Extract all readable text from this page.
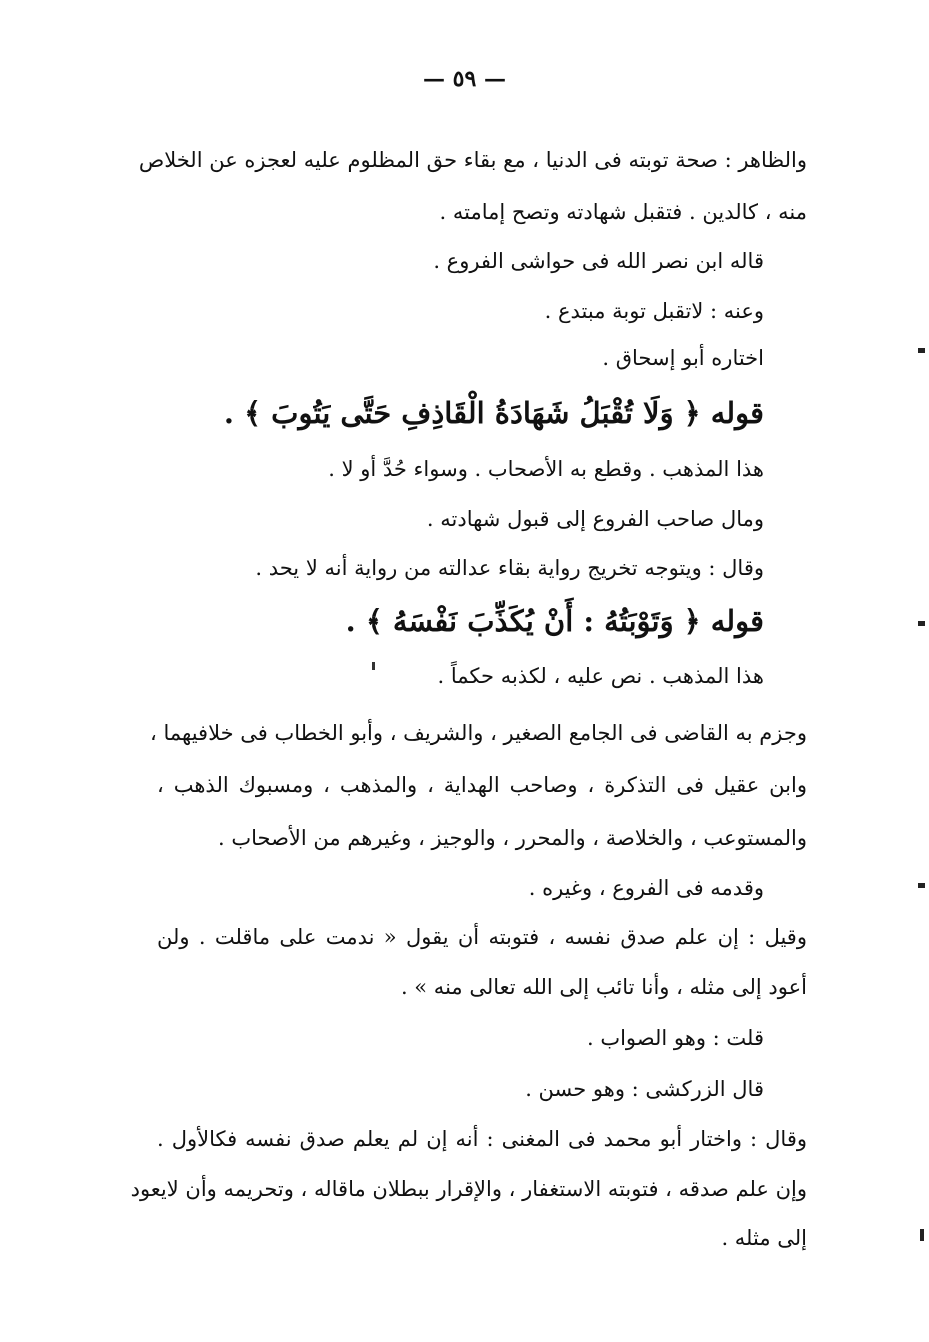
— ٥٩ —
والظاهر : صحة توبته فى الدنيا ، مع بقاء حق المظلوم عليه لعجزه عن الخلاص
منه ، كالدين . فتقبل شهادته وتصح إمامته .
قاله ابن نصر الله فى حواشى الفروع .
وعنه : لاتقبل توبة مبتدع .
اختاره أبو إسحاق .
قوله ﴿ وَلَا تُقْبَلُ شَهَادَةُ الْقَاذِفِ حَتَّى يَتُوبَ ﴾ .
هذا المذهب . وقطع به الأصحاب . وسواء حُدَّ أو لا .
ومال صاحب الفروع إلى قبول شهادته .
وقال : ويتوجه تخريج رواية بقاء عدالته من رواية أنه لا يحد .
قوله ﴿ وَتَوْبَتُهُ : أَنْ يُكَذِّبَ نَفْسَهُ ﴾ .
هذا المذهب . نص عليه ، لكذبه حكماً .
وجزم به القاضى فى الجامع الصغير ، والشريف ، وأبو الخطاب فى خلافيهما ،
وابن عقيل فى التذكرة ، وصاحب الهداية ، والمذهب ، ومسبوك الذهب ،
والمستوعب ، والخلاصة ، والمحرر ، والوجيز ، وغيرهم من الأصحاب .
وقدمه فى الفروع ، وغيره .
وقيل : إن علم صدق نفسه ، فتوبته أن يقول « ندمت على ماقلت . ولن
أعود إلى مثله ، وأنا تائب إلى الله تعالى منه » .
قلت : وهو الصواب .
قال الزركشى : وهو حسن .
وقال : واختار أبو محمد فى المغنى : أنه إن لم يعلم صدق نفسه فكالأول .
وإن علم صدقه ، فتوبته الاستغفار ، والإقرار ببطلان ماقاله ، وتحريمه وأن لايعود
إلى مثله .
